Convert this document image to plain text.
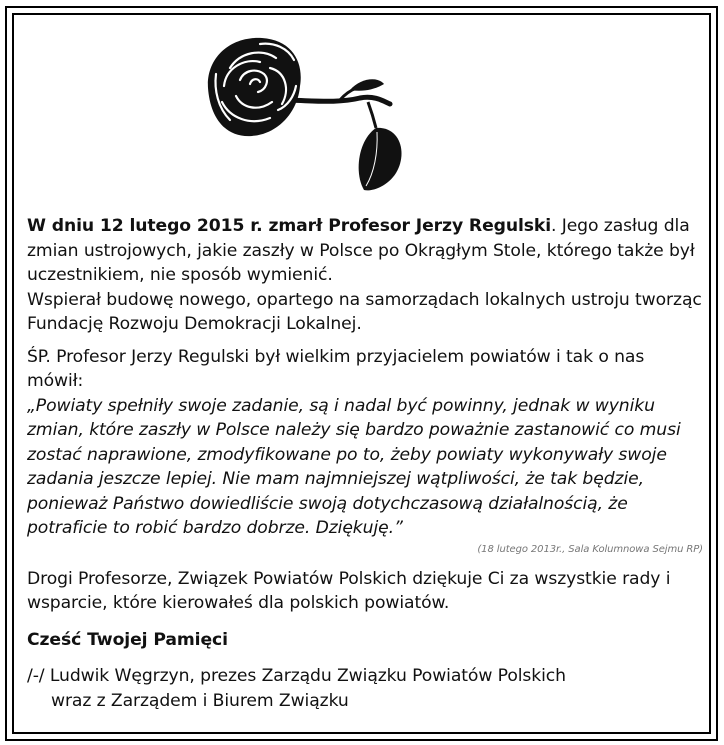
W dniu 12 lutego 2015 r. zmarł Profesor Jerzy Regulski. Jego zasług dla zmian ustrojowych, jakie zaszły w Polsce po Okrągłym Stole, którego także był uczestnikiem, nie sposób wymienić.
Wspierał budowę nowego, opartego na samorządach lokalnych ustroju tworząc Fundację Rozwoju Demokracji Lokalnej.

ŚP. Profesor Jerzy Regulski był wielkim przyjacielem powiatów i tak o nas mówił:

„Powiaty spełniły swoje zadanie, są i nadal być powinny, jednak w wyniku zmian, które zaszły w Polsce należy się bardzo poważnie zastanowić co musi zostać naprawione, zmodyfikowane po to, żeby powiaty wykonywały swoje zadania jeszcze lepiej. Nie mam najmniejszej wątpliwości, że tak będzie, ponieważ Państwo dowiedliście swoją dotychczasową działalnością, że potraficie to robić bardzo dobrze. Dziękuję.”

(18 lutego 2013r., Sala Kolumnowa Sejmu RP)

Drogi Profesorze, Związek Powiatów Polskich dziękuje Ci za wszystkie rady i wsparcie, które kierowałeś dla polskich powiatów.

Cześć Twojej Pamięci

/-/ Ludwik Węgrzyn, prezes Zarządu Związku Powiatów Polskich

wraz z Zarządem i Biurem Związku
